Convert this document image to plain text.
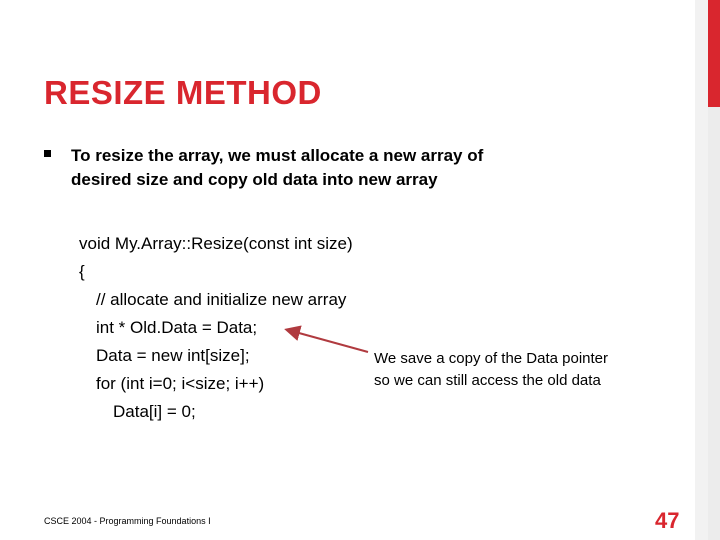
RESIZE METHOD
To resize the array, we must allocate a new array of
desired size and copy old data into new array
void My.Array::Resize(const int size)
{
// allocate and initialize new array
int * Old.Data = Data;
Data = new int[size];
for (int i=0; i<size; i++)
Data[i] = 0;
We save a copy of the Data pointer
so we can still access the old data
CSCE 2004 - Programming Foundations I	47
